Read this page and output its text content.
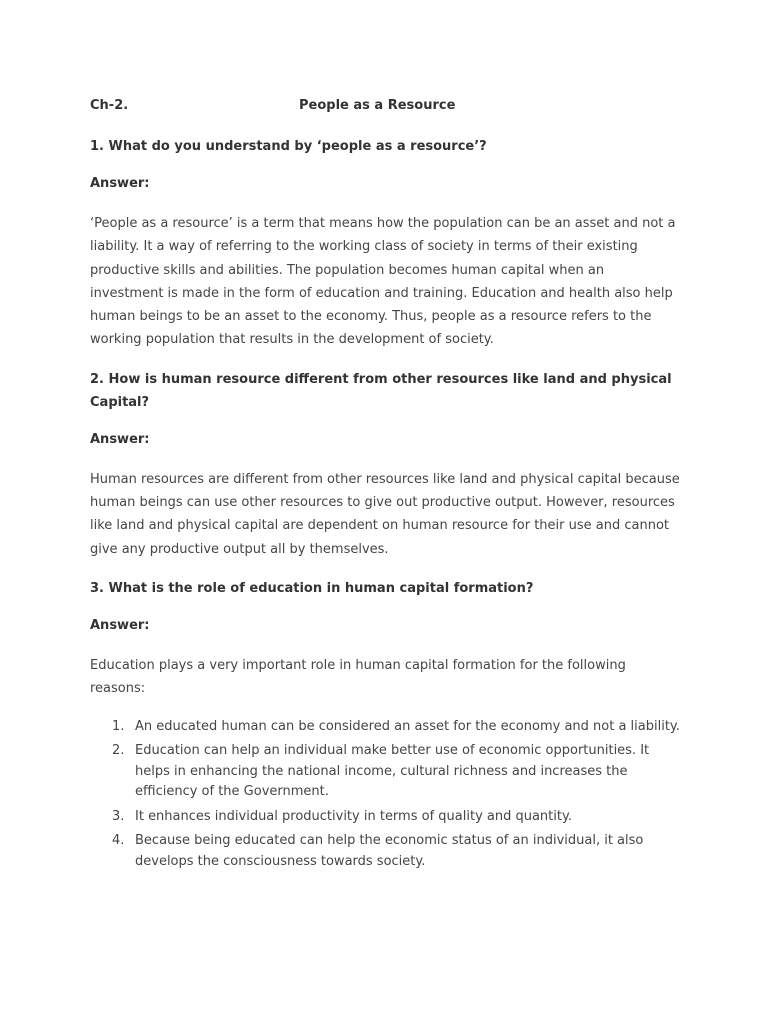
Ch-2.	People as a Resource
1. What do you understand by ‘people as a resource’?
Answer:

‘People as a resource’ is a term that means how the population can be an asset and not a liability. It a way of referring to the working class of society in terms of their existing productive skills and abilities. The population becomes human capital when an investment is made in the form of education and training. Education and health also help human beings to be an asset to the economy. Thus, people as a resource refers to the working population that results in the development of society.

2. How is human resource different from other resources like land and physical Capital?
Answer:

Human resources are different from other resources like land and physical capital because human beings can use other resources to give out productive output. However, resources like land and physical capital are dependent on human resource for their use and cannot give any productive output all by themselves.

3. What is the role of education in human capital formation?
Answer:

Education plays a very important role in human capital formation for the following reasons:

1. An educated human can be considered an asset for the economy and not a liability.
2. Education can help an individual make better use of economic opportunities. It helps in enhancing the national income, cultural richness and increases the efficiency of the Government.
3. It enhances individual productivity in terms of quality and quantity.
4. Because being educated can help the economic status of an individual, it also develops the consciousness towards society.
